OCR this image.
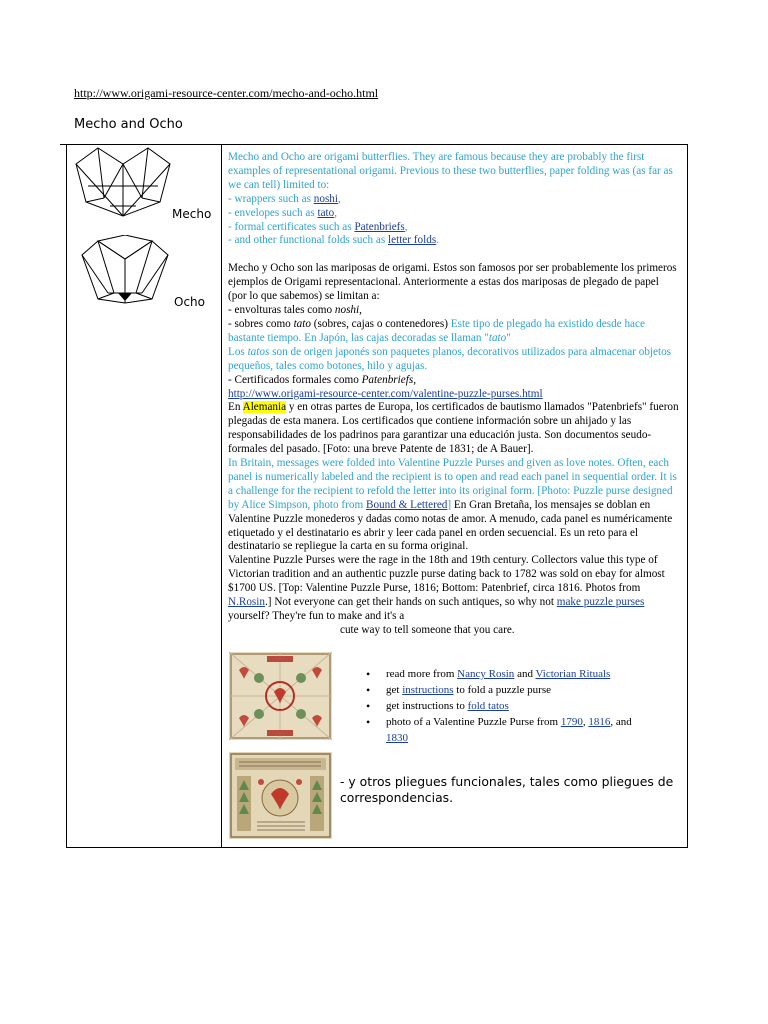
http://www.origami-resource-center.com/mecho-and-ocho.html
Mecho and Ocho
Mecho
Ocho

Mecho and Ocho are origami butterflies. They are famous because they are probably the first examples of representational origami. Previous to these two butterflies, paper folding was (as far as we can tell) limited to:
- wrappers such as noshi,
- envelopes such as tato,
- formal certificates such as Patenbriefs,
- and other functional folds such as letter folds.

Mecho y Ocho son las mariposas de origami. Estos son famosos por ser probablemente los primeros ejemplos de Origami representacional. Anteriormente a estas dos mariposas de plegado de papel (por lo que sabemos) se limitan a:
- envolturas tales como noshi,
- sobres como tato (sobres, cajas o contenedores) Este tipo de plegado ha existido desde hace bastante tiempo. En Japón, las cajas decoradas se llaman "tato"
Los tatos son de origen japonés son paquetes planos, decorativos utilizados para almacenar objetos pequeños, tales como botones, hilo y agujas.
- Certificados formales como Patenbriefs,
http://www.origami-resource-center.com/valentine-puzzle-purses.html
En Alemania y en otras partes de Europa, los certificados de bautismo llamados "Patenbriefs" fueron plegadas de esta manera. Los certificados que contiene información sobre un ahijado y las responsabilidades de los padrinos para garantizar una educación justa. Son documentos seudo-formales del pasado. [Foto: una breve Patente de 1831; de A Bauer].
In Britain, messages were folded into Valentine Puzzle Purses and given as love notes. Often, each panel is numerically labeled and the recipient is to open and read each panel in sequential order. It is a challenge for the recipient to refold the letter into its original form. [Photo: Puzzle purse designed by Alice Simpson, photo from Bound & Lettered] En Gran Bretaña, los mensajes se doblan en Valentine Puzzle monederos y dadas como notas de amor. A menudo, cada panel es numéricamente etiquetado y el destinatario es abrir y leer cada panel en orden secuencial. Es un reto para el destinatario se repliegue la carta en su forma original.
Valentine Puzzle Purses were the rage in the 18th and 19th century. Collectors value this type of Victorian tradition and an authentic puzzle purse dating back to 1782 was sold on ebay for almost $1700 US. [Top: Valentine Puzzle Purse, 1816; Bottom: Patenbrief, circa 1816. Photos from N.Rosin.] Not everyone can get their hands on such antiques, so why not make puzzle purses yourself? They're fun to make and it's a
cute way to tell someone that you care.

• read more from Nancy Rosin and Victorian Rituals
• get instructions to fold a puzzle purse
• get instructions to fold tatos
• photo of a Valentine Puzzle Purse from 1790, 1816, and
1830
- y otros pliegues funcionales, tales como pliegues de correspondencias.
